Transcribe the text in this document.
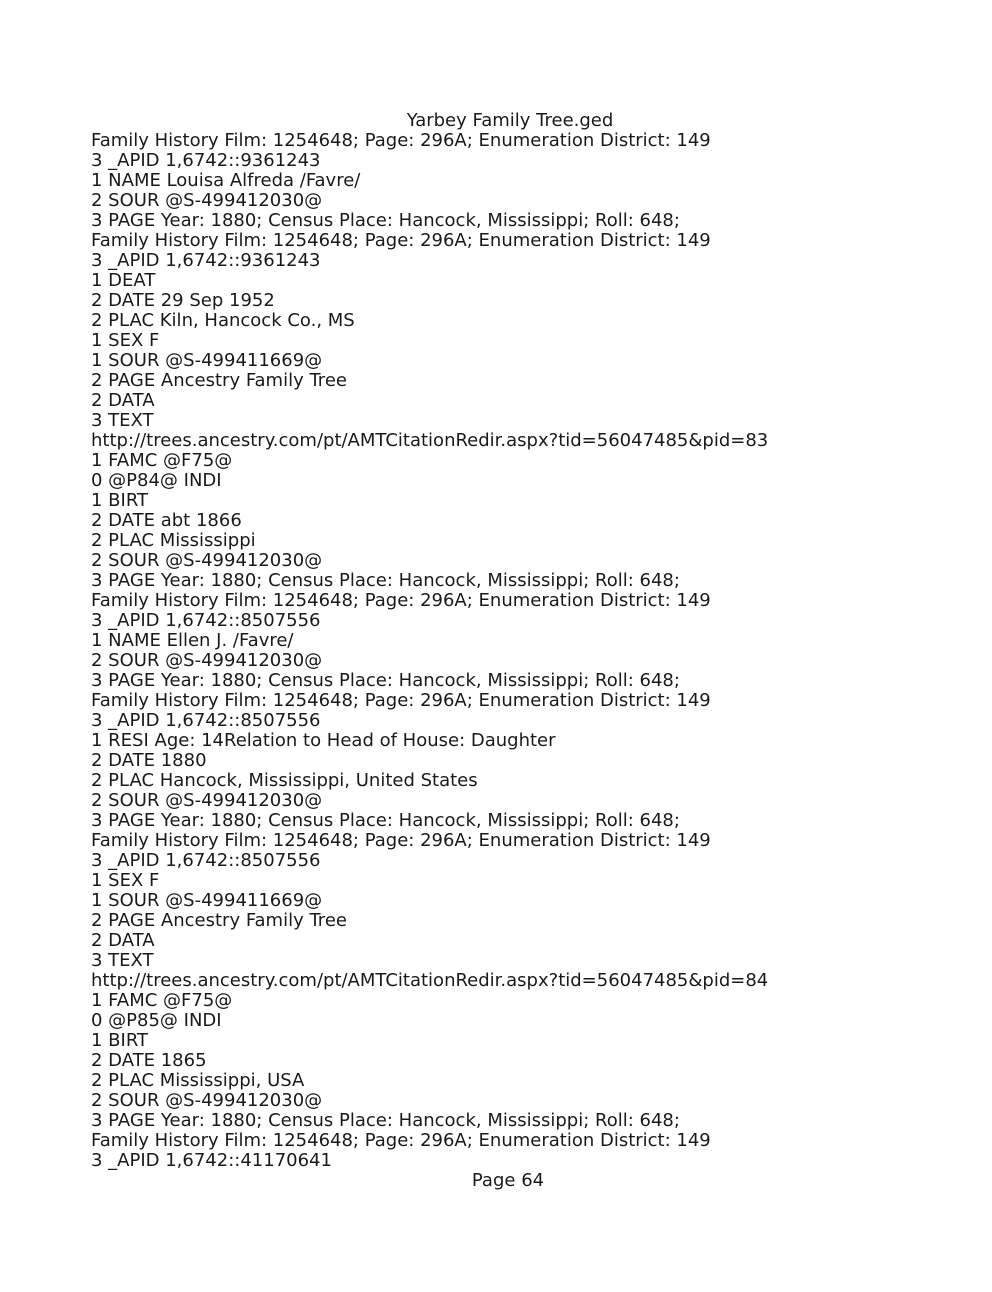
Yarbey Family Tree.ged
Family History Film: 1254648; Page: 296A; Enumeration District: 149
3 _APID 1,6742::9361243
1 NAME Louisa Alfreda /Favre/
2 SOUR @S-499412030@
3 PAGE Year: 1880; Census Place: Hancock, Mississippi; Roll: 648;
Family History Film: 1254648; Page: 296A; Enumeration District: 149
3 _APID 1,6742::9361243
1 DEAT
2 DATE 29 Sep 1952
2 PLAC Kiln, Hancock Co., MS
1 SEX F
1 SOUR @S-499411669@
2 PAGE Ancestry Family Tree
2 DATA
3 TEXT
http://trees.ancestry.com/pt/AMTCitationRedir.aspx?tid=56047485&pid=83
1 FAMC @F75@
0 @P84@ INDI
1 BIRT
2 DATE abt 1866
2 PLAC Mississippi
2 SOUR @S-499412030@
3 PAGE Year: 1880; Census Place: Hancock, Mississippi; Roll: 648;
Family History Film: 1254648; Page: 296A; Enumeration District: 149
3 _APID 1,6742::8507556
1 NAME Ellen J. /Favre/
2 SOUR @S-499412030@
3 PAGE Year: 1880; Census Place: Hancock, Mississippi; Roll: 648;
Family History Film: 1254648; Page: 296A; Enumeration District: 149
3 _APID 1,6742::8507556
1 RESI Age: 14Relation to Head of House: Daughter
2 DATE 1880
2 PLAC Hancock, Mississippi, United States
2 SOUR @S-499412030@
3 PAGE Year: 1880; Census Place: Hancock, Mississippi; Roll: 648;
Family History Film: 1254648; Page: 296A; Enumeration District: 149
3 _APID 1,6742::8507556
1 SEX F
1 SOUR @S-499411669@
2 PAGE Ancestry Family Tree
2 DATA
3 TEXT
http://trees.ancestry.com/pt/AMTCitationRedir.aspx?tid=56047485&pid=84
1 FAMC @F75@
0 @P85@ INDI
1 BIRT
2 DATE 1865
2 PLAC Mississippi, USA
2 SOUR @S-499412030@
3 PAGE Year: 1880; Census Place: Hancock, Mississippi; Roll: 648;
Family History Film: 1254648; Page: 296A; Enumeration District: 149
3 _APID 1,6742::41170641
Page 64
